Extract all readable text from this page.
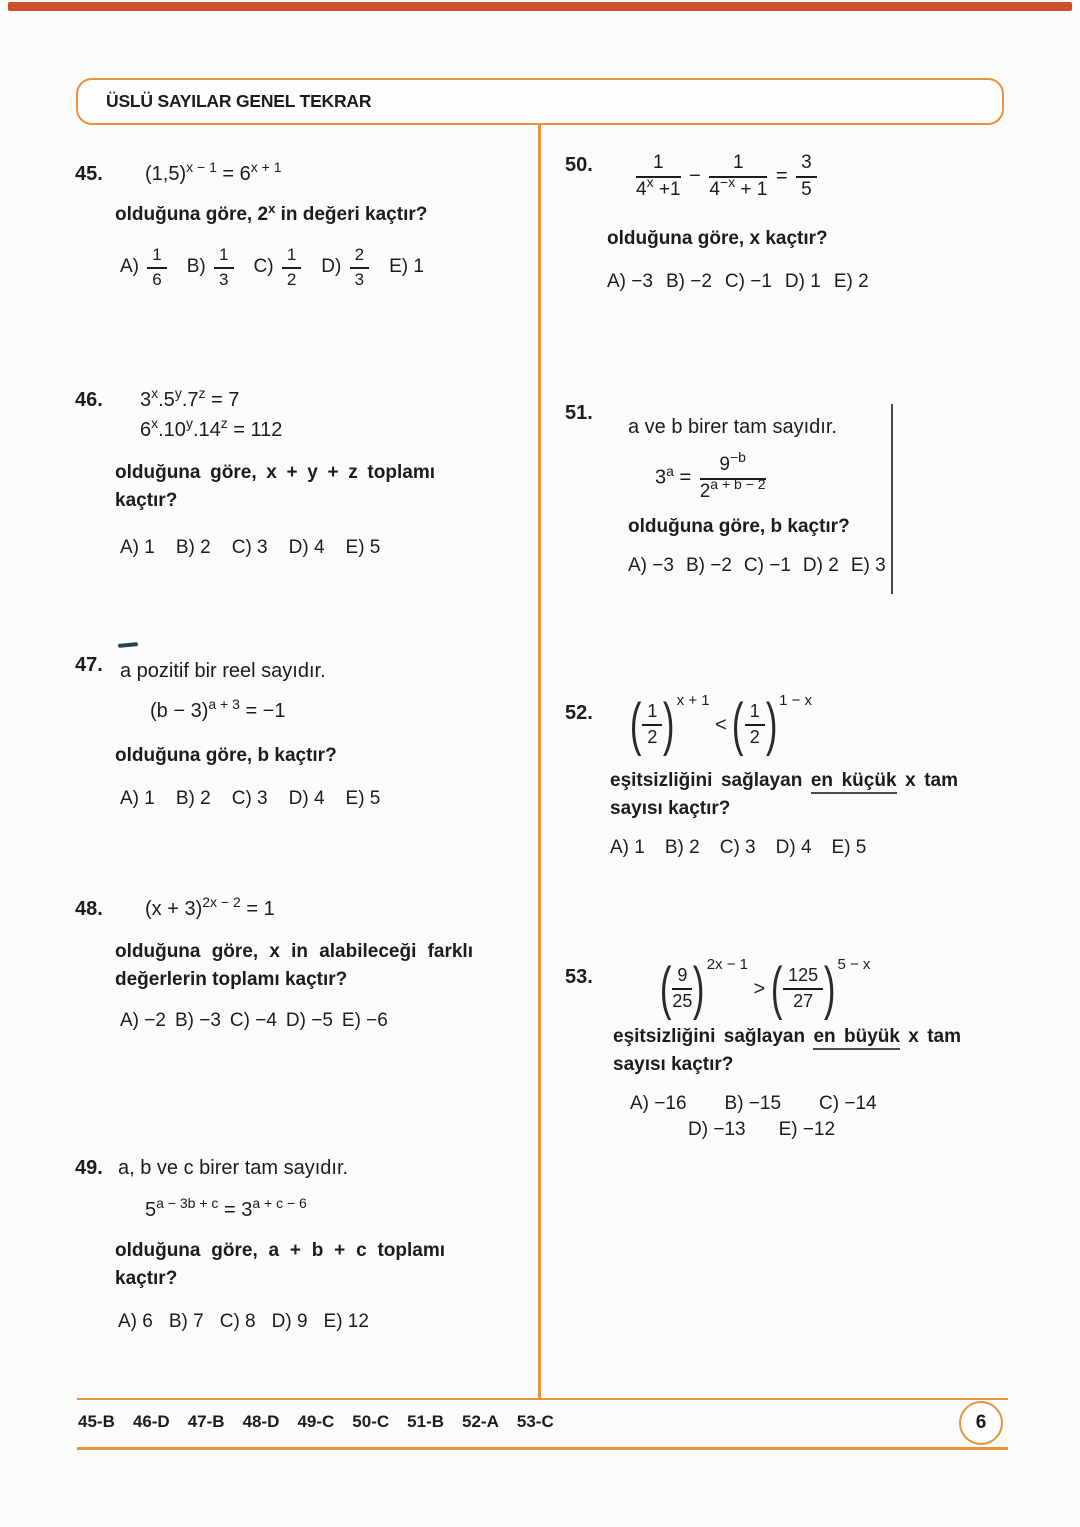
ÜSLÜ SAYILAR GENEL TEKRAR
45. $(1,5)^{x - 1} = 6^{x + 1}$
olduğuna göre, 2$^x$ in değeri kaçtır?
$A) \frac{1}{6} B) \frac{1}{3} C) \frac{1}{2} D) \frac{2}{3} E$) 1
46. $3^x.5^y.7^z = 7$
$6^x.10^y.14^z = 112$
olduğuna göre, x + y + z toplamı kaçtır?
A) 1 B) 2 C) 3 D) 4 E) 5
47. a pozitif bir reel sayıdır.
$(b - 3)^{a + 3} = -1$
olduğuna göre, b kaçtır?
A) 1 B) 2 C) 3 D) 4 E) 5
48. $(x + 3)^{2x - 2} = 1$
olduğuna göre, x in alabileceği farklı değerlerin toplamı kaçtır?
A) −2 B) −3 C) −4 D) −5 E) −6
49. a, b ve c birer tam sayıdır.
$5^{a - 3b + c} = 3^{a + c - 6}$
olduğuna göre, a + b + c toplamı kaçtır?
A) 6 B) 7 C) 8 D) 9 E) 12
50. $\frac{1}{4^x +1} - \frac{1}{4^{-x} + 1} = \frac{3}{5}$
olduğuna göre, x kaçtır?
A) −3 B) −2 C) −1 D) 1 E) 2
51.
a ve b birer tam sayıdır.
$3^a = \frac{9^{-b}}{2^{a + b - 2}}$
olduğuna göre, b kaçtır?
A) −3 B) −2 C) −1 D) 2 E) 3
52. ( $\frac{1}{2}$ ) x + 1
< ( $\frac{1}{2}$ ) 1 − x
eşitsizliğini sağlayan en küçük x tam sayısı kaçtır?
A) 1 B) 2 C) 3 D) 4 E) 5
53. ( $\frac{9}{25}$ ) 2x − 1
> ( $\frac{125}{27}$ ) 5 − x
eşitsizliğini sağlayan en büyük x tam sayısı kaçtır?
A) −16 B) −15 C) −14
D) −13 E) −12
45-B 46-D 47-B 48-D 49-C 50-C 51-B 52-A 53-C	6
